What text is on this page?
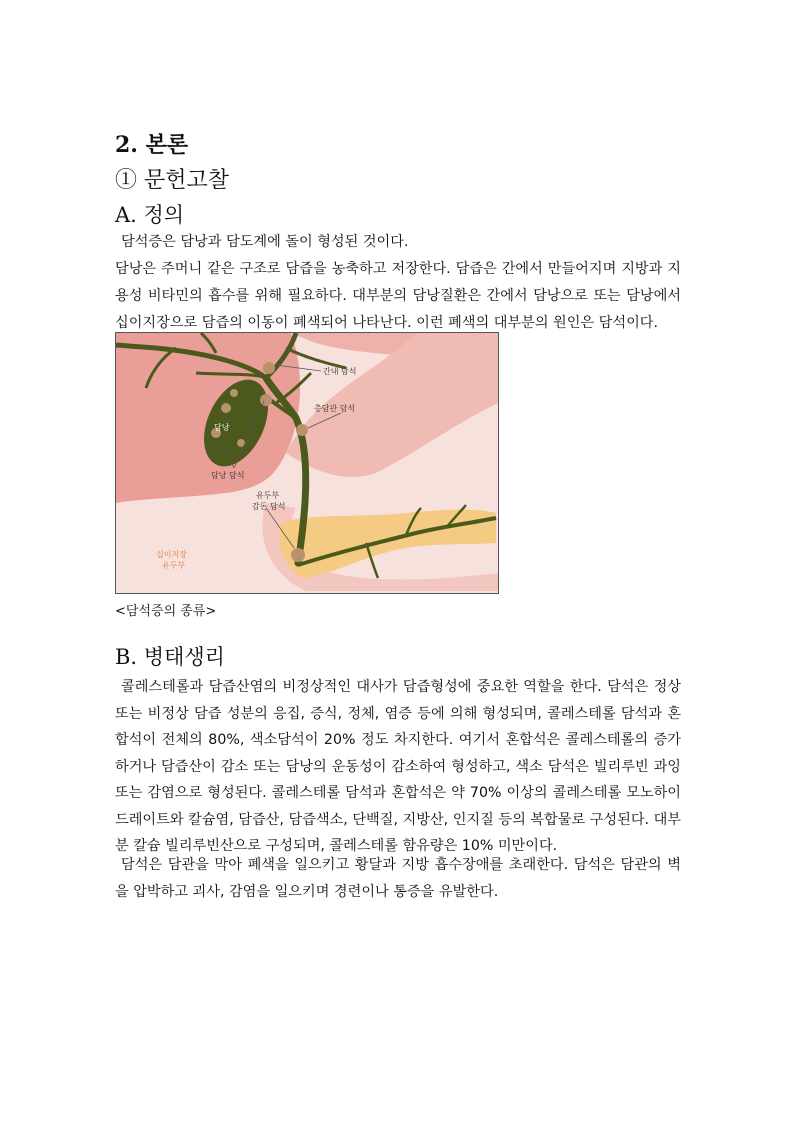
2. 본론
① 문헌고찰
A. 정의

담석증은 담낭과 담도계에 돌이 형성된 것이다.

담낭은 주머니 같은 구조로 담즙을 농축하고 저장한다. 담즙은 간에서 만들어지며 지방과 지용성 비타민의 흡수를 위해 필요하다. 대부분의 담낭질환은 간에서 담낭으로 또는 담낭에서 십이지장으로 담즙의 이동이 폐색되어 나타난다. 이런 폐색의 대부분의 원인은 담석이다.

간내 담석
총담관 담석
담낭
담낭 담석
유두부
감돈 담석
십이지장
유두부

<담석증의 종류>

B. 병태생리

콜레스테롤과 담즙산염의 비정상적인 대사가 담즙형성에 중요한 역할을 한다. 담석은 정상 또는 비정상 담즙 성분의 응집, 증식, 정체, 염증 등에 의해 형성되며, 콜레스테롤 담석과 혼합석이 전체의 80%, 색소담석이 20% 정도 차지한다. 여기서 혼합석은 콜레스테롤의 증가하거나 담즙산이 감소 또는 담낭의 운동성이 감소하여 형성하고, 색소 담석은 빌리루빈 과잉 또는 감염으로 형성된다. 콜레스테롤 담석과 혼합석은 약 70% 이상의 콜레스테롤 모노하이드레이트와 칼슘염, 담즙산, 담즙색소, 단백질, 지방산, 인지질 등의 복합물로 구성된다. 대부분 칼슘 빌리루빈산으로 구성되며, 콜레스테롤 함유량은 10% 미만이다.

담석은 담관을 막아 폐색을 일으키고 황달과 지방 흡수장애를 초래한다. 담석은 담관의 벽을 압박하고 괴사, 감염을 일으키며 경련이나 통증을 유발한다.
